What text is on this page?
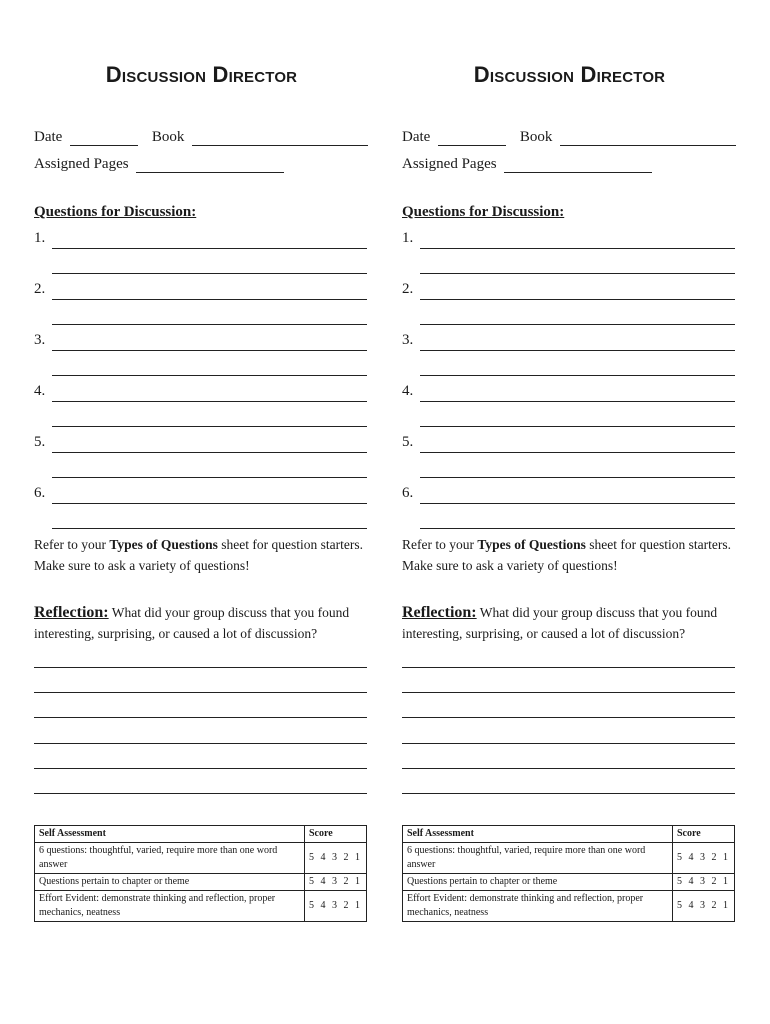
Discussion Director
Date	Book
Assigned Pages
Questions for Discussion:
1.
2.
3.
4.
5.
6.
Refer to your Types of Questions sheet for question starters. Make sure to ask a variety of questions!
Reflection: What did your group discuss that you found interesting, surprising, or caused a lot of discussion?
Self Assessment	Score
6 questions: thoughtful, varied, require more than one word answer	5 4 3 2 1
Questions pertain to chapter or theme	5 4 3 2 1
Effort Evident: demonstrate thinking and reflection, proper mechanics, neatness	5 4 3 2 1
Discussion Director
Date	Book
Assigned Pages
Questions for Discussion:
1.
2.
3.
4.
5.
6.
Refer to your Types of Questions sheet for question starters. Make sure to ask a variety of questions!
Reflection: What did your group discuss that you found interesting, surprising, or caused a lot of discussion?
Self Assessment	Score
6 questions: thoughtful, varied, require more than one word answer	5 4 3 2 1
Questions pertain to chapter or theme	5 4 3 2 1
Effort Evident: demonstrate thinking and reflection, proper mechanics, neatness	5 4 3 2 1
